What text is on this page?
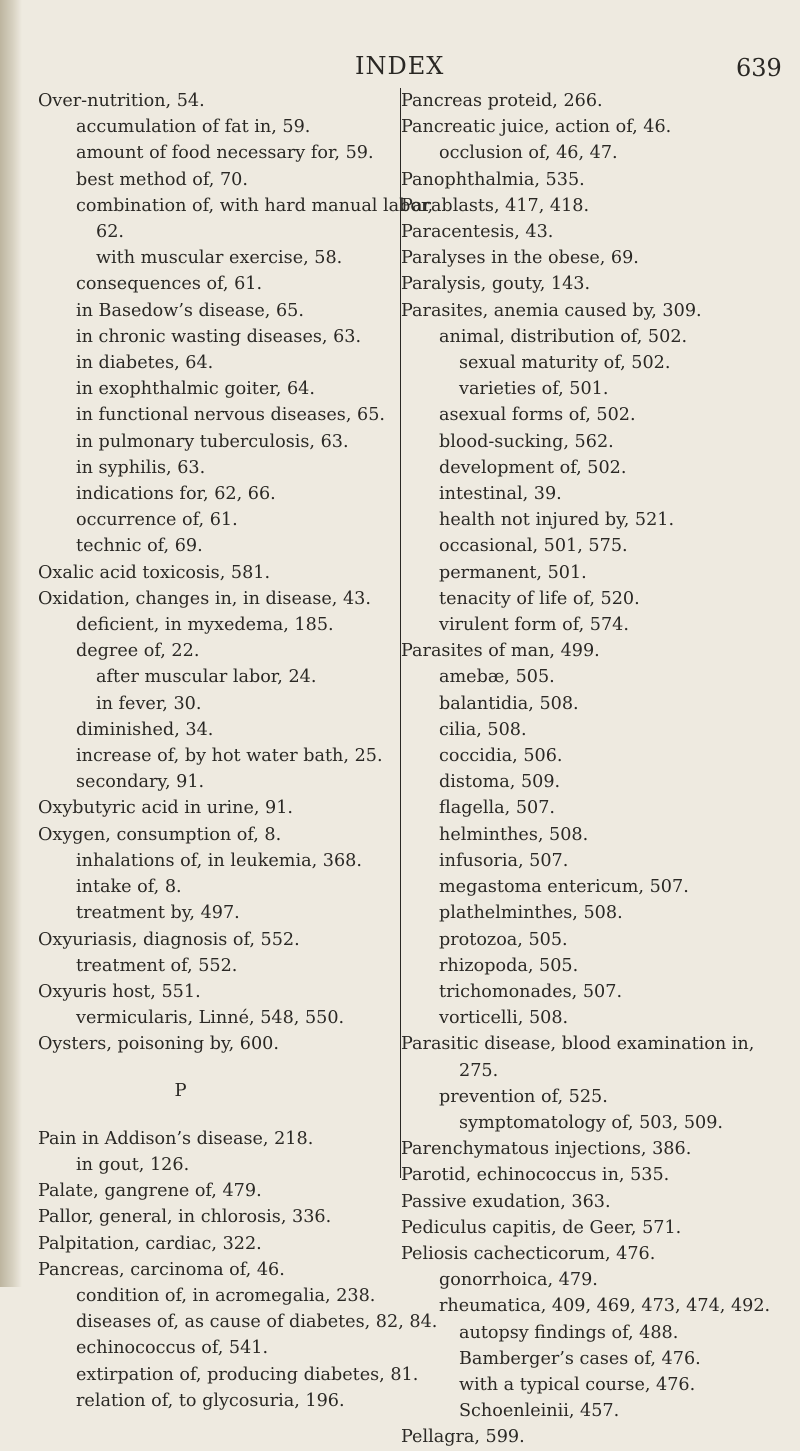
INDEX	639
Over-nutrition, 54.
accumulation of fat in, 59.
amount of food necessary for, 59.
best method of, 70.
combination of, with hard manual labor,
62.
with muscular exercise, 58.
consequences of, 61.
in Basedow’s disease, 65.
in chronic wasting diseases, 63.
in diabetes, 64.
in exophthalmic goiter, 64.
in functional nervous diseases, 65.
in pulmonary tuberculosis, 63.
in syphilis, 63.
indications for, 62, 66.
occurrence of, 61.
technic of, 69.
Oxalic acid toxicosis, 581.
Oxidation, changes in, in disease, 43.
deficient, in myxedema, 185.
degree of, 22.
after muscular labor, 24.
in fever, 30.
diminished, 34.
increase of, by hot water bath, 25.
secondary, 91.
Oxybutyric acid in urine, 91.
Oxygen, consumption of, 8.
inhalations of, in leukemia, 368.
intake of, 8.
treatment by, 497.
Oxyuriasis, diagnosis of, 552.
treatment of, 552.
Oxyuris host, 551.
vermicularis, Linné, 548, 550.
Oysters, poisoning by, 600.
P
Pain in Addison’s disease, 218.
in gout, 126.
Palate, gangrene of, 479.
Pallor, general, in chlorosis, 336.
Palpitation, cardiac, 322.
Pancreas, carcinoma of, 46.
condition of, in acromegalia, 238.
diseases of, as cause of diabetes, 82, 84.
echinococcus of, 541.
extirpation of, producing diabetes, 81.
relation of, to glycosuria, 196.
Pancreas proteid, 266.
Pancreatic juice, action of, 46.
occlusion of, 46, 47.
Panophthalmia, 535.
Parablasts, 417, 418.
Paracentesis, 43.
Paralyses in the obese, 69.
Paralysis, gouty, 143.
Parasites, anemia caused by, 309.
animal, distribution of, 502.
sexual maturity of, 502.
varieties of, 501.
asexual forms of, 502.
blood-sucking, 562.
development of, 502.
intestinal, 39.
health not injured by, 521.
occasional, 501, 575.
permanent, 501.
tenacity of life of, 520.
virulent form of, 574.
Parasites of man, 499.
amebæ, 505.
balantidia, 508.
cilia, 508.
coccidia, 506.
distoma, 509.
flagella, 507.
helminthes, 508.
infusoria, 507.
megastoma entericum, 507.
plathelminthes, 508.
protozoa, 505.
rhizopoda, 505.
trichomonades, 507.
vorticelli, 508.
Parasitic disease, blood examination in,
275.
prevention of, 525.
symptomatology of, 503, 509.
Parenchymatous injections, 386.
Parotid, echinococcus in, 535.
Passive exudation, 363.
Pediculus capitis, de Geer, 571.
Peliosis cachecticorum, 476.
gonorrhoica, 479.
rheumatica, 409, 469, 473, 474, 492.
autopsy findings of, 488.
Bamberger’s cases of, 476.
with a typical course, 476.
Schoenleinii, 457.
Pellagra, 599.
